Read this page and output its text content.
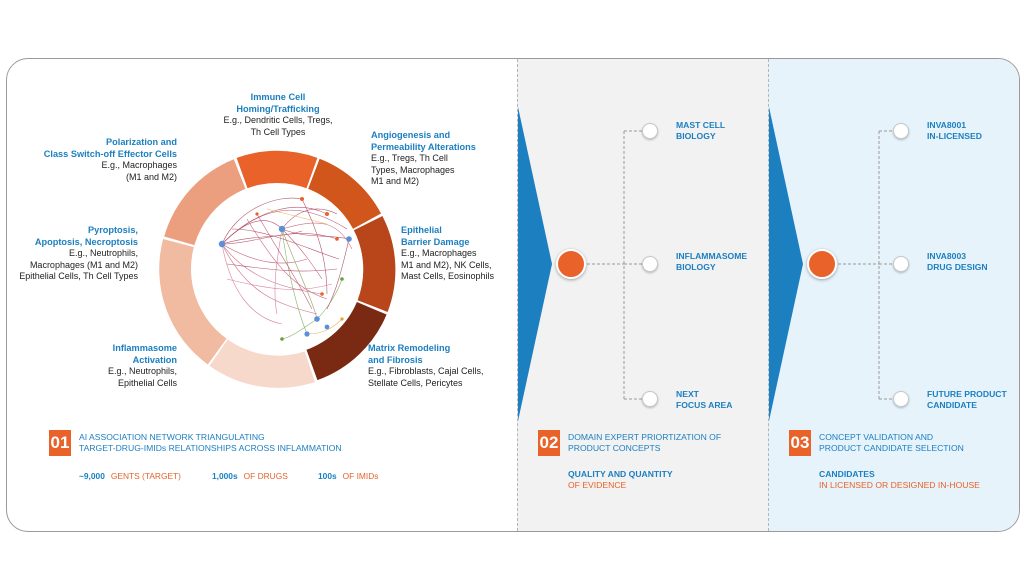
Immune Cell
Homing/Trafficking
E.g., Dendritic Cells, Tregs,
Th Cell Types	Angiogenesis and
Permeability Alterations
E.g., Tregs, Th Cell
Types, Macrophages
M1 and M2)
Epithelial
Barrier Damage
E.g., Macrophages
M1 and M2), NK Cells,
Mast Cells, Eosinophils
Matrix Remodeling
and Fibrosis
E.g., Fibroblasts, Cajal Cells,
Stellate Cells, Pericytes
Inflammasome
Activation
E.g., Neutrophils,
Epithelial Cells
Pyroptosis,
Apoptosis, Necroptosis
E.g., Neutrophils,
Macrophages (M1 and M2)
Epithelial Cells, Th Cell Types
Polarization and
Class Switch-off Effector Cells
E.g., Macrophages
(M1 and M2)
01 AI ASSOCIATION NETWORK TRIANGULATING
TARGET-DRUG-IMIDs RELATIONSHIPS ACROSS INFLAMMATION
~9,000 GENTS (TARGET)	1,000s OF DRUGS	100s OF IMIDs
MAST CELL
BIOLOGY
INFLAMMASOME
BIOLOGY
NEXT
FOCUS AREA
02 DOMAIN EXPERT PRIORTIZATION OF
PRODUCT CONCEPTS
QUALITY AND QUANTITY
OF EVIDENCE
INVA8001
IN-LICENSED
INVA8003
DRUG DESIGN
FUTURE PRODUCT
CANDIDATE
03 CONCEPT VALIDATION AND
PRODUCT CANDIDATE SELECTION
CANDIDATES
IN LICENSED OR DESIGNED IN-HOUSE
